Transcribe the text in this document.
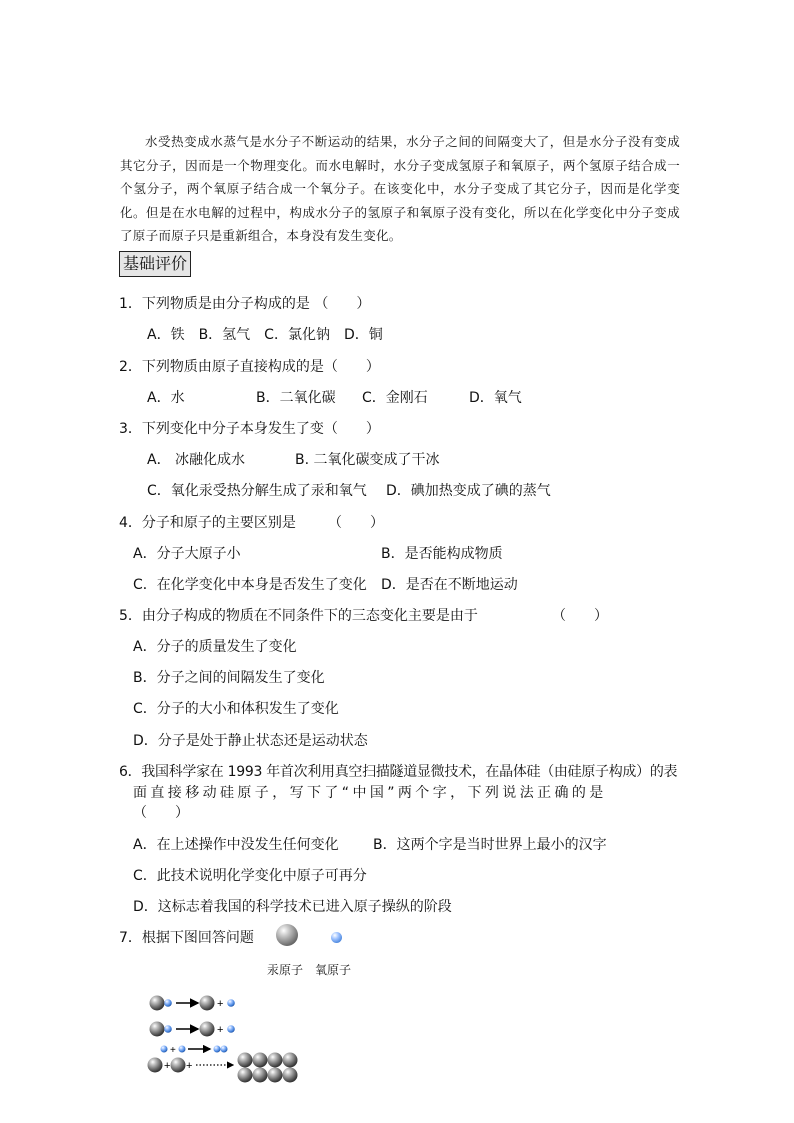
水受热变成水蒸气是水分子不断运动的结果，水分子之间的间隔变大了，但是水分子没有变成其它分子，因而是一个物理变化。而水电解时，水分子变成氢原子和氧原子，两个氢原子结合成一个氢分子，两个氧原子结合成一个氧分子。在该变化中，水分子变成了其它分子，因而是化学变化。但是在水电解的过程中，构成水分子的氢原子和氧原子没有变化，所以在化学变化中分子变成了原子而原子只是重新组合，本身没有发生变化。
基础评价
1．下列物质是由分子构成的是 （　　）
A．铁　B．氢气　C．氯化钠　D．铜
2．下列物质由原子直接构成的是（　　）
A．水	B．二氧化碳 C．金刚石	D．氧气
3．下列变化中分子本身发生了变（　　）
A． 冰融化成水	B. 二氧化碳变成了干冰
C．氧化汞受热分解生成了汞和氧气 D．碘加热变成了碘的蒸气
4．分子和原子的主要区别是 （　　）
A．分子大原子小	B．是否能构成物质
C．在化学变化中本身是否发生了变化 D．是否在不断地运动
5．由分子构成的物质在不同条件下的三态变化主要是由于	（　　）
A．分子的质量发生了变化
B．分子之间的间隔发生了变化
C．分子的大小和体积发生了变化
D．分子是处于静止状态还是运动状态
6．我国科学家在 1993 年首次利用真空扫描隧道显微技术，在晶体硅（由硅原子构成）的表
面直接移动硅原子，写下了“中国”两个字，下列说法正确的是
（　　）
A．在上述操作中没发生任何变化 B．这两个字是当时世界上最小的汉字
C．此技术说明化学变化中原子可再分
D．这标志着我国的科学技术已进入原子操纵的阶段
7．根据下图回答问题
汞原子 氧原子
+
+
+
+ +
